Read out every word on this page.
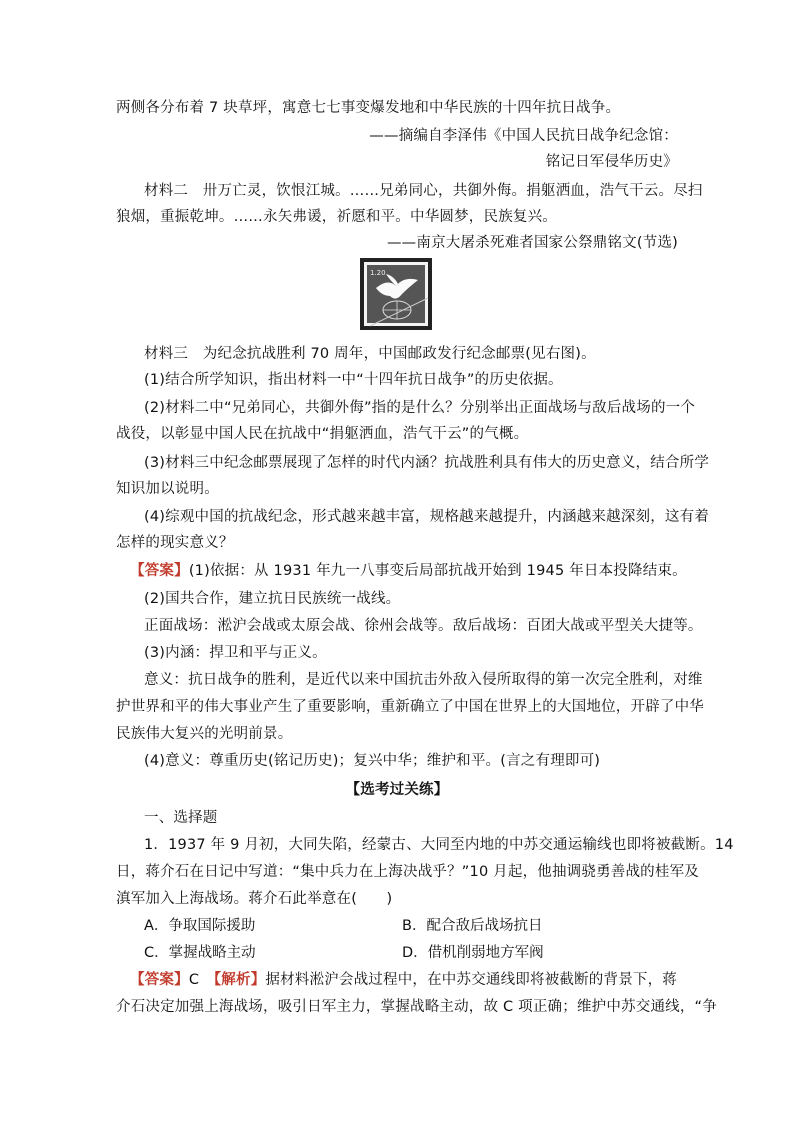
两侧各分布着 7 块草坪，寓意七七事变爆发地和中华民族的十四年抗日战争。
——摘编自李泽伟《中国人民抗日战争纪念馆：
铭记日军侵华历史》
材料二　卅万亡灵，饮恨江城。……兄弟同心，共御外侮。捐躯洒血，浩气干云。尽扫
狼烟，重振乾坤。……永矢弗谖，祈愿和平。中华圆梦，民族复兴。
——南京大屠杀死难者国家公祭鼎铭文(节选)
1.20
材料三　为纪念抗战胜利 70 周年，中国邮政发行纪念邮票(见右图)。
(1)结合所学知识，指出材料一中“十四年抗日战争”的历史依据。
(2)材料二中“兄弟同心，共御外侮”指的是什么？分别举出正面战场与敌后战场的一个
战役，以彰显中国人民在抗战中“捐躯洒血，浩气干云”的气概。
(3)材料三中纪念邮票展现了怎样的时代内涵？抗战胜利具有伟大的历史意义，结合所学
知识加以说明。
(4)综观中国的抗战纪念，形式越来越丰富，规格越来越提升，内涵越来越深刻，这有着
怎样的现实意义？
【答案】(1)依据：从 1931 年九一八事变后局部抗战开始到 1945 年日本投降结束。
(2)国共合作，建立抗日民族统一战线。
正面战场：淞沪会战或太原会战、徐州会战等。敌后战场：百团大战或平型关大捷等。
(3)内涵：捍卫和平与正义。
意义：抗日战争的胜利，是近代以来中国抗击外敌入侵所取得的第一次完全胜利，对维
护世界和平的伟大事业产生了重要影响，重新确立了中国在世界上的大国地位，开辟了中华
民族伟大复兴的光明前景。
(4)意义：尊重历史(铭记历史)；复兴中华；维护和平。(言之有理即可)
【选考过关练】
一、选择题
1．1937 年 9 月初，大同失陷，经蒙古、大同至内地的中苏交通运输线也即将被截断。14
日，蒋介石在日记中写道：“集中兵力在上海决战乎？”10 月起，他抽调骁勇善战的桂军及
滇军加入上海战场。蒋介石此举意在(　　)
A．争取国际援助	B．配合敌后战场抗日
C．掌握战略主动	D．借机削弱地方军阀
【答案】C　 【解析】据材料淞沪会战过程中，在中苏交通线即将被截断的背景下，蒋
介石决定加强上海战场，吸引日军主力，掌握战略主动，故 C 项正确；维护中苏交通线，“争
